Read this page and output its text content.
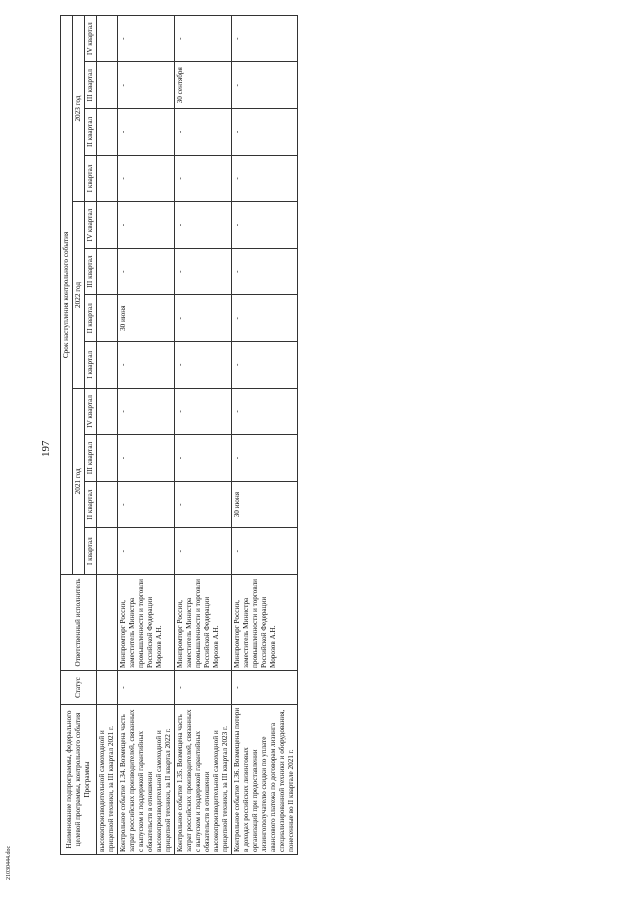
197
21030444.doc
Наименование подпрограммы, федерального целевой программы, контрольного события Программы	Статус	Ответственный исполнитель	Срок наступления контрольного события											
			2021 год				2022 год				2023 год			
			I квартал	II квартал	III квартал	IV квартал	I квартал	II квартал	III квартал	IV квартал	I квартал	II квартал	III квартал	IV квартал
высокопроизводительной самоходной и прицепной техники, за III квартал 2021 г.														
Контрольное событие 1.34. Возмещена часть затрат российских производителей, связанных с выпуском и поддержкой гарантийных обязательств в отношении высокопроизводительной самоходной и прицепной техники, за II квартал 2022 г.	-	Минпромторг России, заместитель Министра промышленности и торговли Российской Федерации Морозов А.Н.	-	-	-	-	-	30 июня	-	-	-	-	-	-
Контрольное событие 1.35. Возмещена часть затрат российских производителей, связанных с выпуском и поддержкой гарантийных обязательств в отношении высокопроизводительной самоходной и прицепной техники, за III квартал 2023 г.	-	Минпромторг России, заместитель Министра промышленности и торговли Российской Федерации Морозов А.Н.	-	-	-	-	-	-	-	-	-	-	30 сентября	-
Контрольное событие 1.36. Возмещены потери в доходах российских лизинговых организаций при предоставлении лизингополучателю скидки по уплате авансового платежа по договорам лизинга специализированной техники и оборудования, понесенные во II квартале 2021 г.	-	Минпромторг России, заместитель Министра промышленности и торговли Российской Федерации Морозов А.Н.	-	30 июня	-	-	-	-	-	-	-	-	-	-
